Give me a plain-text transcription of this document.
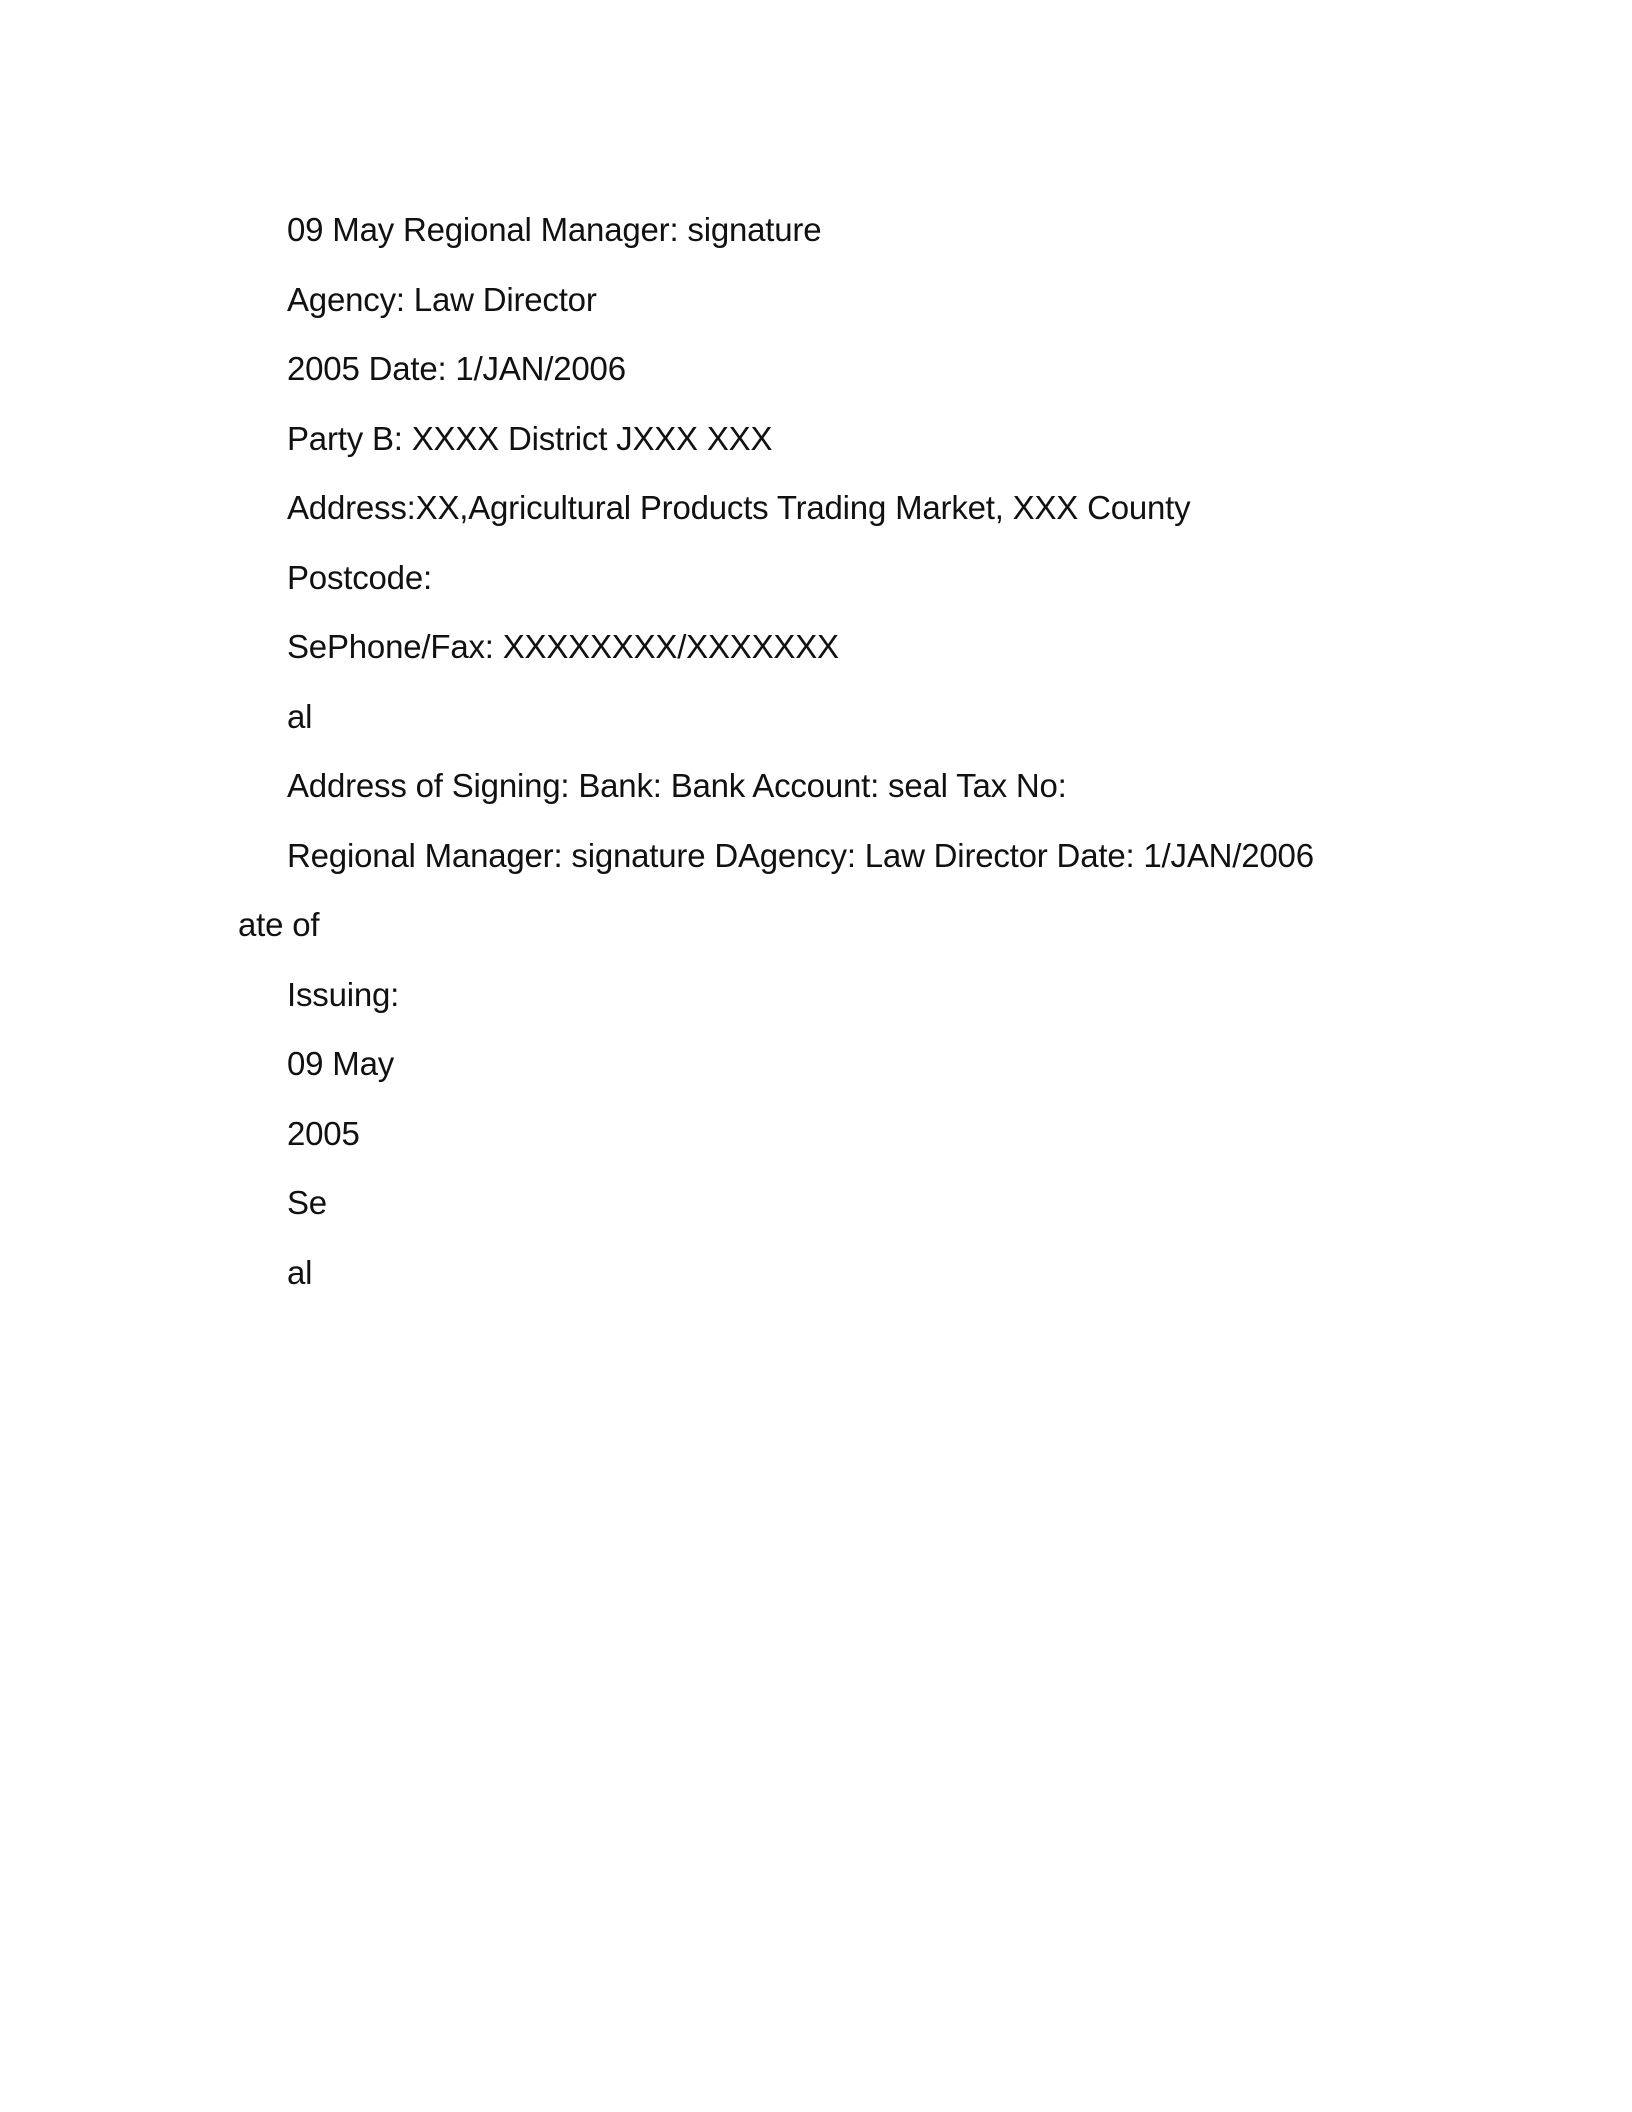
09 May Regional Manager: signature
Agency: Law Director
2005 Date: 1/JAN/2006
Party B: XXXX District JXXX XXX
Address:XX,Agricultural Products Trading Market, XXX County
Postcode:
SePhone/Fax: XXXXXXXX/XXXXXXX
al
Address of Signing: Bank: Bank Account: seal Tax No:
Regional Manager: signature DAgency: Law Director Date: 1/JAN/2006
ate of
Issuing:
09 May
2005
Se
al
